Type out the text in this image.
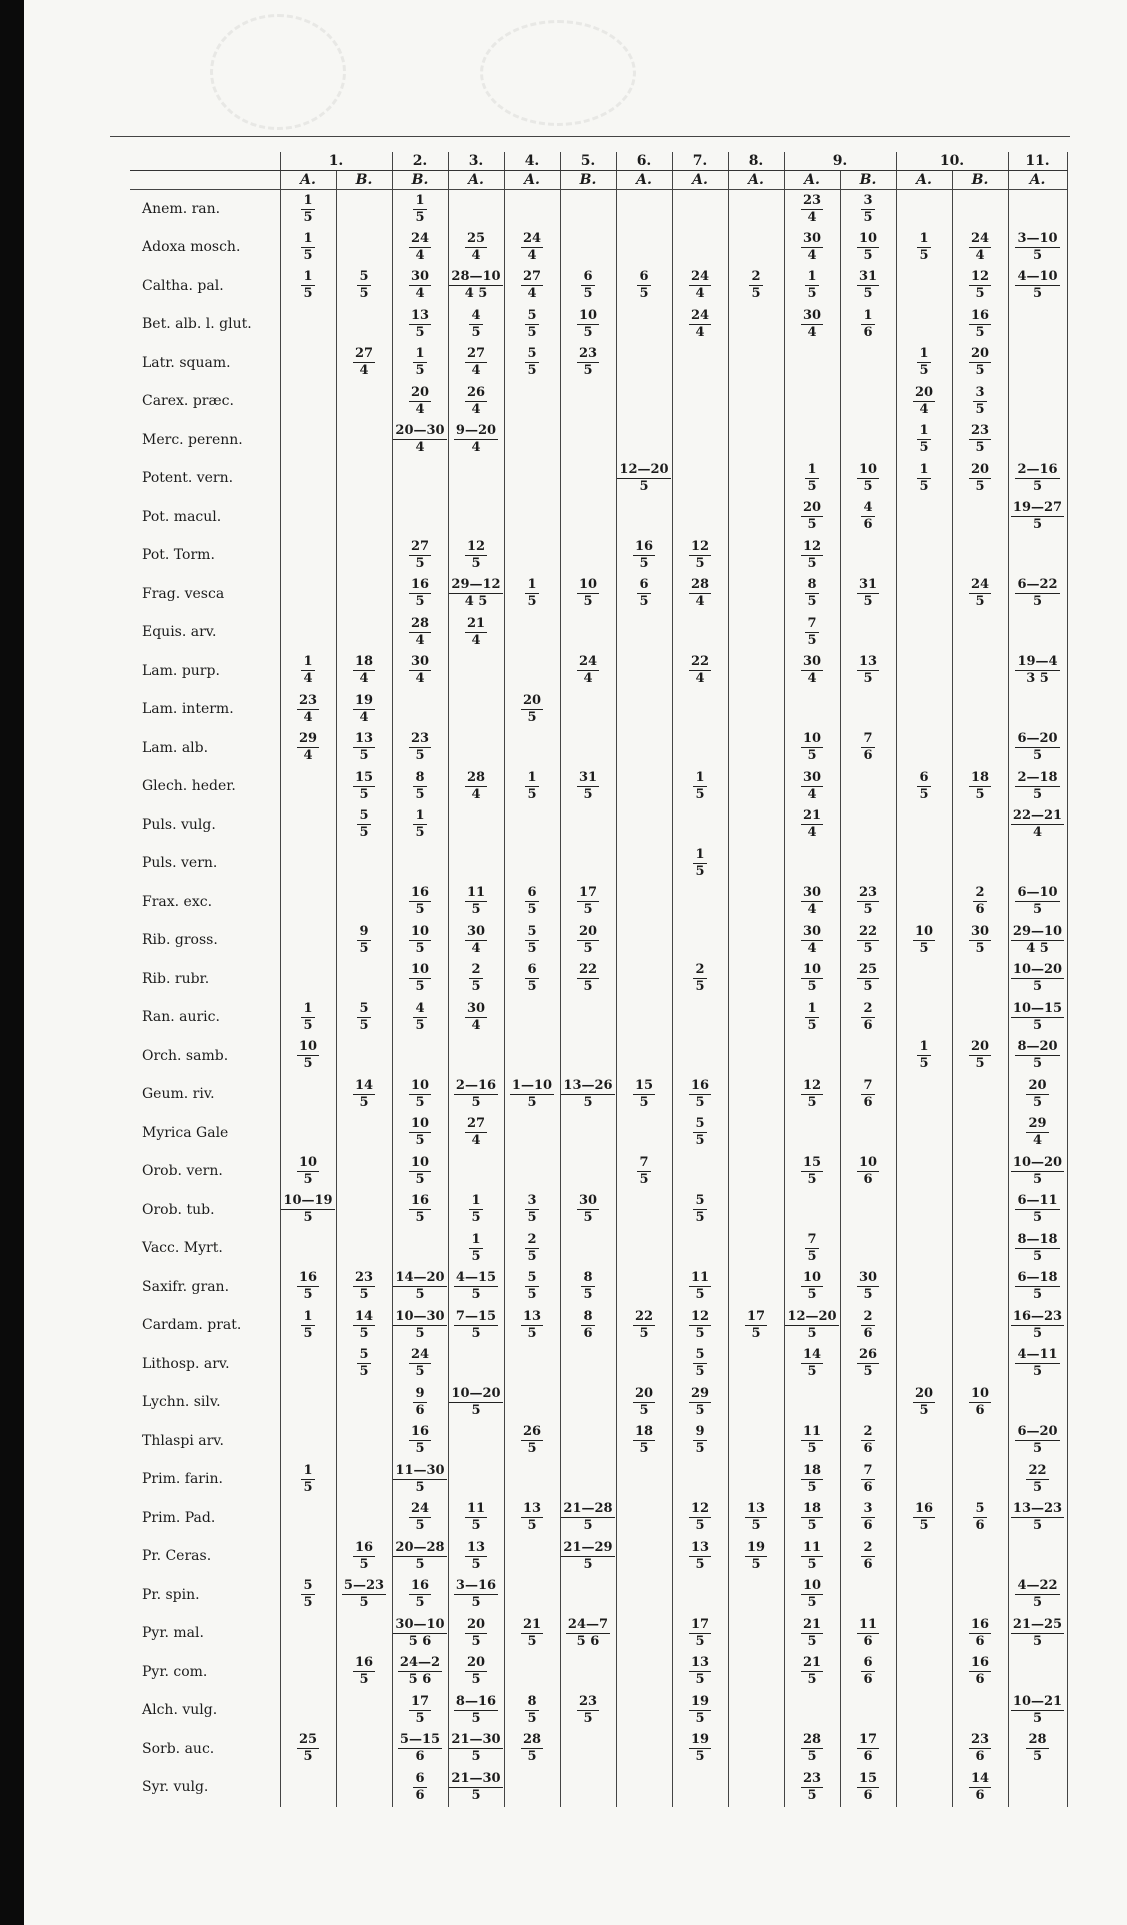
	1.		2.	3.	4.	5.	6.	7.	8.	9.		10.		11.
	A.	B.	B.	A.	A.	B.	A.	A.	A.	A.	B.	A.	B.	A.
Anem. ran.	$\frac{1}{5}$		$\frac{1}{5}$							$\frac{23}{4}$	$\frac{3}{5}$

Adoxa mosch.	$\frac{1}{5}$		$\frac{24}{4}$	$\frac{25}{4}$	$\frac{24}{4}$					$\frac{30}{4}$	$\frac{10}{5}$	$\frac{1}{5}$	$\frac{24}{4}$	$\frac{3—10}{5}$

Caltha. pal.	$\frac{1}{5}$	$\frac{5}{5}$	$\frac{30}{4}$	$\frac{28—10}{4 5}$	$\frac{27}{4}$	$\frac{6}{5}$	$\frac{6}{5}$	$\frac{24}{4}$	$\frac{2}{5}$	$\frac{1}{5}$	$\frac{31}{5}$		$\frac{12}{5}$	$\frac{4—10}{5}$

Bet. alb. l. glut.			$\frac{13}{5}$	$\frac{4}{5}$	$\frac{5}{5}$	$\frac{10}{5}$		$\frac{24}{4}$		$\frac{30}{4}$	$\frac{1}{6}$		$\frac{16}{5}$

Latr. squam.		$\frac{27}{4}$	$\frac{1}{5}$	$\frac{27}{4}$	$\frac{5}{5}$	$\frac{23}{5}$						$\frac{1}{5}$	$\frac{20}{5}$

Carex. præc.			$\frac{20}{4}$	$\frac{26}{4}$								$\frac{20}{4}$	$\frac{3}{5}$

Merc. perenn.			$\frac{20—30}{4}$	$\frac{9—20}{4}$								$\frac{1}{5}$	$\frac{23}{5}$

Potent. vern.							$\frac{12—20}{5}$			$\frac{1}{5}$	$\frac{10}{5}$	$\frac{1}{5}$	$\frac{20}{5}$	$\frac{2—16}{5}$

Pot. macul.										$\frac{20}{5}$	$\frac{4}{6}$			$\frac{19—27}{5}$

Pot. Torm.			$\frac{27}{5}$	$\frac{12}{5}$			$\frac{16}{5}$	$\frac{12}{5}$		$\frac{12}{5}$

Frag. vesca			$\frac{16}{5}$	$\frac{29—12}{4 5}$	$\frac{1}{5}$	$\frac{10}{5}$	$\frac{6}{5}$	$\frac{28}{4}$		$\frac{8}{5}$	$\frac{31}{5}$		$\frac{24}{5}$	$\frac{6—22}{5}$

Equis. arv.			$\frac{28}{4}$	$\frac{21}{4}$						$\frac{7}{5}$

Lam. purp.	$\frac{1}{4}$	$\frac{18}{4}$	$\frac{30}{4}$			$\frac{24}{4}$		$\frac{22}{4}$		$\frac{30}{4}$	$\frac{13}{5}$			$\frac{19—4}{3 5}$

Lam. interm.	$\frac{23}{4}$	$\frac{19}{4}$			$\frac{20}{5}$

Lam. alb.	$\frac{29}{4}$	$\frac{13}{5}$	$\frac{23}{5}$							$\frac{10}{5}$	$\frac{7}{6}$			$\frac{6—20}{5}$

Glech. heder.		$\frac{15}{5}$	$\frac{8}{5}$	$\frac{28}{4}$	$\frac{1}{5}$	$\frac{31}{5}$		$\frac{1}{5}$		$\frac{30}{4}$		$\frac{6}{5}$	$\frac{18}{5}$	$\frac{2—18}{5}$

Puls. vulg.		$\frac{5}{5}$	$\frac{1}{5}$							$\frac{21}{4}$				$\frac{22—21}{4}$

Puls. vern.								$\frac{1}{5}$

Frax. exc.			$\frac{16}{5}$	$\frac{11}{5}$	$\frac{6}{5}$	$\frac{17}{5}$				$\frac{30}{4}$	$\frac{23}{5}$		$\frac{2}{6}$	$\frac{6—10}{5}$

Rib. gross.		$\frac{9}{5}$	$\frac{10}{5}$	$\frac{30}{4}$	$\frac{5}{5}$	$\frac{20}{5}$				$\frac{30}{4}$	$\frac{22}{5}$	$\frac{10}{5}$	$\frac{30}{5}$	$\frac{29—10}{4 5}$

Rib. rubr.			$\frac{10}{5}$	$\frac{2}{5}$	$\frac{6}{5}$	$\frac{22}{5}$		$\frac{2}{5}$		$\frac{10}{5}$	$\frac{25}{5}$			$\frac{10—20}{5}$

Ran. auric.	$\frac{1}{5}$	$\frac{5}{5}$	$\frac{4}{5}$	$\frac{30}{4}$						$\frac{1}{5}$	$\frac{2}{6}$			$\frac{10—15}{5}$

Orch. samb.	$\frac{10}{5}$											$\frac{1}{5}$	$\frac{20}{5}$	$\frac{8—20}{5}$

Geum. riv.		$\frac{14}{5}$	$\frac{10}{5}$	$\frac{2—16}{5}$	$\frac{1—10}{5}$	$\frac{13—26}{5}$	$\frac{15}{5}$	$\frac{16}{5}$		$\frac{12}{5}$	$\frac{7}{6}$			$\frac{20}{5}$

Myrica Gale			$\frac{10}{5}$	$\frac{27}{4}$				$\frac{5}{5}$						$\frac{29}{4}$

Orob. vern.	$\frac{10}{5}$		$\frac{10}{5}$				$\frac{7}{5}$			$\frac{15}{5}$	$\frac{10}{6}$			$\frac{10—20}{5}$

Orob. tub.	$\frac{10—19}{5}$		$\frac{16}{5}$	$\frac{1}{5}$	$\frac{3}{5}$	$\frac{30}{5}$		$\frac{5}{5}$						$\frac{6—11}{5}$

Vacc. Myrt.				$\frac{1}{5}$	$\frac{2}{5}$					$\frac{7}{5}$				$\frac{8—18}{5}$

Saxifr. gran.	$\frac{16}{5}$	$\frac{23}{5}$	$\frac{14—20}{5}$	$\frac{4—15}{5}$	$\frac{5}{5}$	$\frac{8}{5}$		$\frac{11}{5}$		$\frac{10}{5}$	$\frac{30}{5}$			$\frac{6—18}{5}$

Cardam. prat.	$\frac{1}{5}$	$\frac{14}{5}$	$\frac{10—30}{5}$	$\frac{7—15}{5}$	$\frac{13}{5}$	$\frac{8}{6}$	$\frac{22}{5}$	$\frac{12}{5}$	$\frac{17}{5}$	$\frac{12—20}{5}$	$\frac{2}{6}$			$\frac{16—23}{5}$

Lithosp. arv.		$\frac{5}{5}$	$\frac{24}{5}$					$\frac{5}{5}$		$\frac{14}{5}$	$\frac{26}{5}$			$\frac{4—11}{5}$

Lychn. silv.			$\frac{9}{6}$	$\frac{10—20}{5}$			$\frac{20}{5}$	$\frac{29}{5}$				$\frac{20}{5}$	$\frac{10}{6}$

Thlaspi arv.			$\frac{16}{5}$		$\frac{26}{5}$		$\frac{18}{5}$	$\frac{9}{5}$		$\frac{11}{5}$	$\frac{2}{6}$			$\frac{6—20}{5}$

Prim. farin.	$\frac{1}{5}$		$\frac{11—30}{5}$							$\frac{18}{5}$	$\frac{7}{6}$			$\frac{22}{5}$

Prim. Pad.			$\frac{24}{5}$	$\frac{11}{5}$	$\frac{13}{5}$	$\frac{21—28}{5}$		$\frac{12}{5}$	$\frac{13}{5}$	$\frac{18}{5}$	$\frac{3}{6}$	$\frac{16}{5}$	$\frac{5}{6}$	$\frac{13—23}{5}$

Pr. Ceras.		$\frac{16}{5}$	$\frac{20—28}{5}$	$\frac{13}{5}$		$\frac{21—29}{5}$		$\frac{13}{5}$	$\frac{19}{5}$	$\frac{11}{5}$	$\frac{2}{6}$

Pr. spin.	$\frac{5}{5}$	$\frac{5—23}{5}$	$\frac{16}{5}$	$\frac{3—16}{5}$						$\frac{10}{5}$				$\frac{4—22}{5}$

Pyr. mal.			$\frac{30—10}{5 6}$	$\frac{20}{5}$	$\frac{21}{5}$	$\frac{24—7}{5 6}$		$\frac{17}{5}$		$\frac{21}{5}$	$\frac{11}{6}$		$\frac{16}{6}$	$\frac{21—25}{5}$

Pyr. com.		$\frac{16}{5}$	$\frac{24—2}{5 6}$	$\frac{20}{5}$				$\frac{13}{5}$		$\frac{21}{5}$	$\frac{6}{6}$		$\frac{16}{6}$

Alch. vulg.			$\frac{17}{5}$	$\frac{8—16}{5}$	$\frac{8}{5}$	$\frac{23}{5}$		$\frac{19}{5}$						$\frac{10—21}{5}$

Sorb. auc.	$\frac{25}{5}$		$\frac{5—15}{6}$	$\frac{21—30}{5}$	$\frac{28}{5}$			$\frac{19}{5}$		$\frac{28}{5}$	$\frac{17}{6}$		$\frac{23}{6}$	$\frac{28}{5}$

Syr. vulg.			$\frac{6}{6}$	$\frac{21—30}{5}$						$\frac{23}{5}$	$\frac{15}{6}$		$\frac{14}{6}$
